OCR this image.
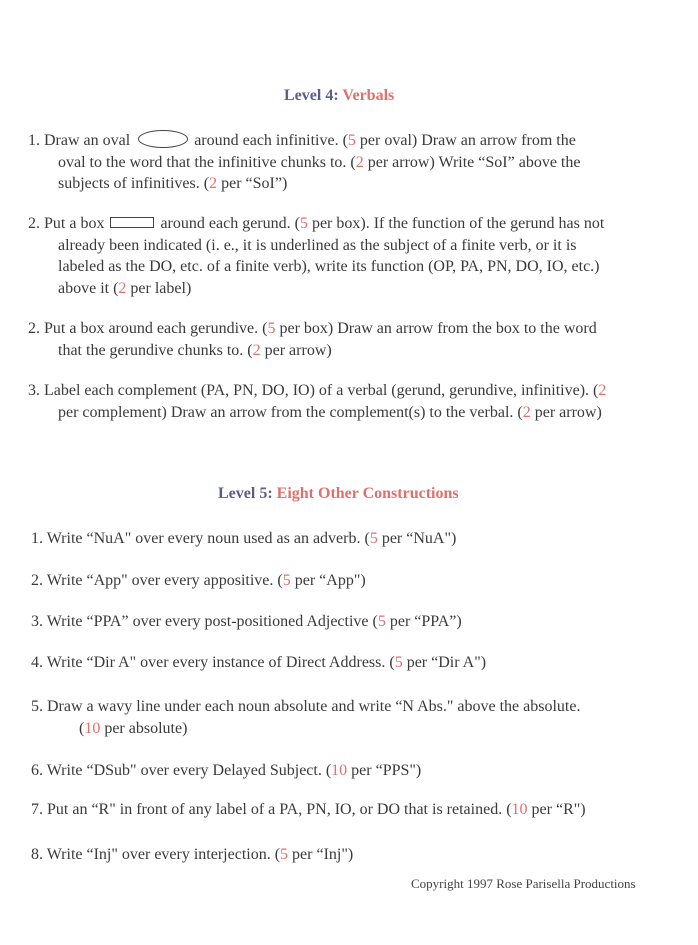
Level 4: Verbals
1. Draw an oval	around each infinitive. (5 per oval) Draw an arrow from the
oval to the word that the infinitive chunks to. (2 per arrow) Write “SoI” above the
subjects of infinitives. (2 per “SoI”)
2. Put a box	around each gerund. (5 per box). If the function of the gerund has not
already been indicated (i. e., it is underlined as the subject of a finite verb, or it is
labeled as the DO, etc. of a finite verb), write its function (OP, PA, PN, DO, IO, etc.)
above it (2 per label)
2. Put a box around each gerundive. (5 per box) Draw an arrow from the box to the word
that the gerundive chunks to. (2 per arrow)
3. Label each complement (PA, PN, DO, IO) of a verbal (gerund, gerundive, infinitive). (2
per complement) Draw an arrow from the complement(s) to the verbal. (2 per arrow)
Level 5: Eight Other Constructions
1. Write “NuA" over every noun used as an adverb. (5 per “NuA")
2. Write “App" over every appositive. (5 per “App")
3. Write “PPA” over every post-positioned Adjective (5 per “PPA”)
4. Write “Dir A" over every instance of Direct Address. (5 per “Dir A")
5. Draw a wavy line under each noun absolute and write “N Abs." above the absolute.
(10 per absolute)
6. Write “DSub" over every Delayed Subject. (10 per “PPS")
7. Put an “R" in front of any label of a PA, PN, IO, or DO that is retained. (10 per “R")
8. Write “Inj" over every interjection. (5 per “Inj")
Copyright 1997 Rose Parisella Productions
